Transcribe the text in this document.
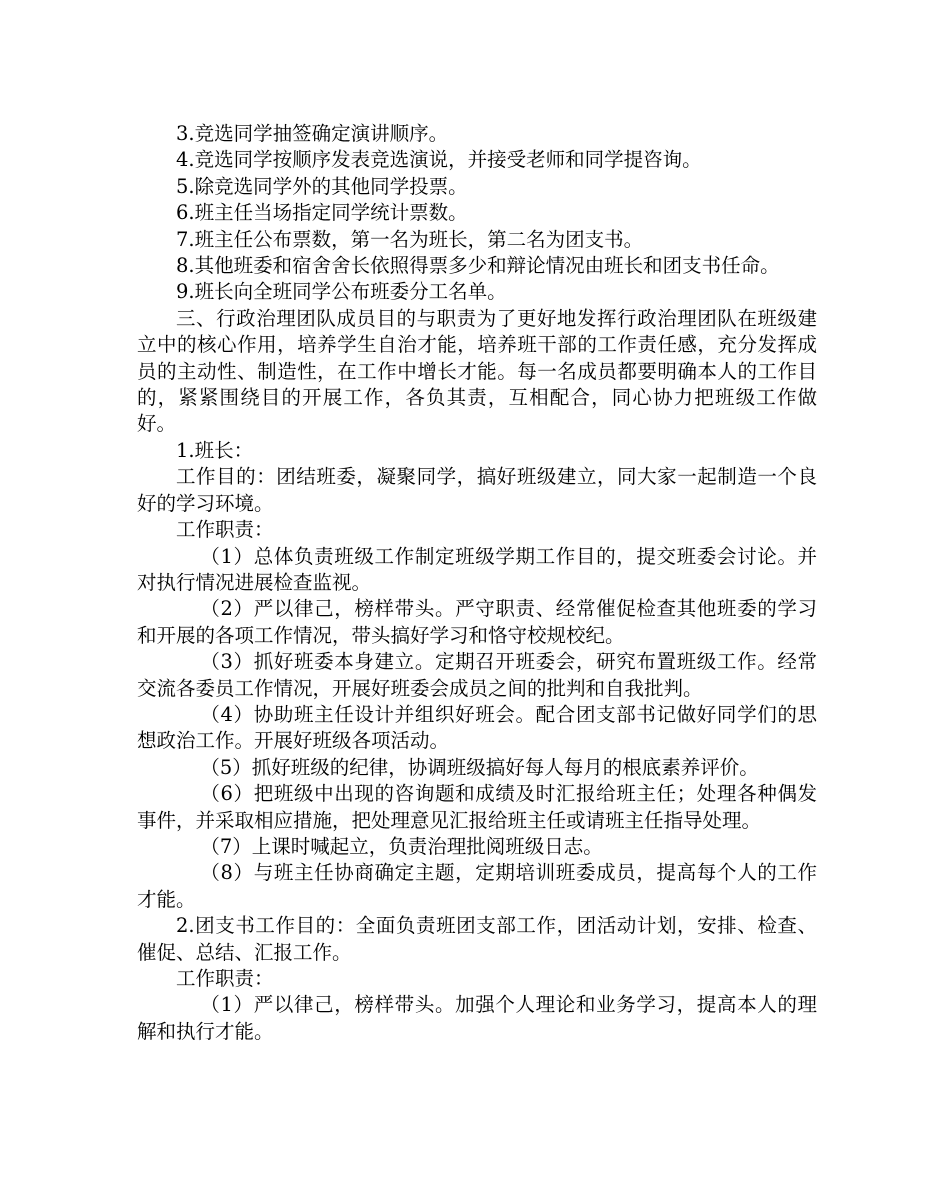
3.竞选同学抽签确定演讲顺序。

4.竞选同学按顺序发表竞选演说，并接受老师和同学提咨询。

5.除竞选同学外的其他同学投票。

6.班主任当场指定同学统计票数。

7.班主任公布票数，第一名为班长，第二名为团支书。

8.其他班委和宿舍舍长依照得票多少和辩论情况由班长和团支书任命。

9.班长向全班同学公布班委分工名单。

三、行政治理团队成员目的与职责为了更好地发挥行政治理团队在班级建立中的核心作用，培养学生自治才能，培养班干部的工作责任感，充分发挥成员的主动性、制造性，在工作中增长才能。每一名成员都要明确本人的工作目的，紧紧围绕目的开展工作，各负其责，互相配合，同心协力把班级工作做好。

1.班长：

工作目的：团结班委，凝聚同学，搞好班级建立，同大家一起制造一个良好的学习环境。

工作职责：

（1）总体负责班级工作制定班级学期工作目的，提交班委会讨论。并对执行情况进展检查监视。

（2）严以律己，榜样带头。严守职责、经常催促检查其他班委的学习和开展的各项工作情况，带头搞好学习和恪守校规校纪。

（3）抓好班委本身建立。定期召开班委会，研究布置班级工作。经常交流各委员工作情况，开展好班委会成员之间的批判和自我批判。

（4）协助班主任设计并组织好班会。配合团支部书记做好同学们的思想政治工作。开展好班级各项活动。

（5）抓好班级的纪律，协调班级搞好每人每月的根底素养评价。

（6）把班级中出现的咨询题和成绩及时汇报给班主任；处理各种偶发事件，并采取相应措施，把处理意见汇报给班主任或请班主任指导处理。

（7）上课时喊起立，负责治理批阅班级日志。

（8）与班主任协商确定主题，定期培训班委成员，提高每个人的工作才能。

2.团支书工作目的：全面负责班团支部工作，团活动计划，安排、检查、催促、总结、汇报工作。

工作职责：

（1）严以律己，榜样带头。加强个人理论和业务学习，提高本人的理解和执行才能。
